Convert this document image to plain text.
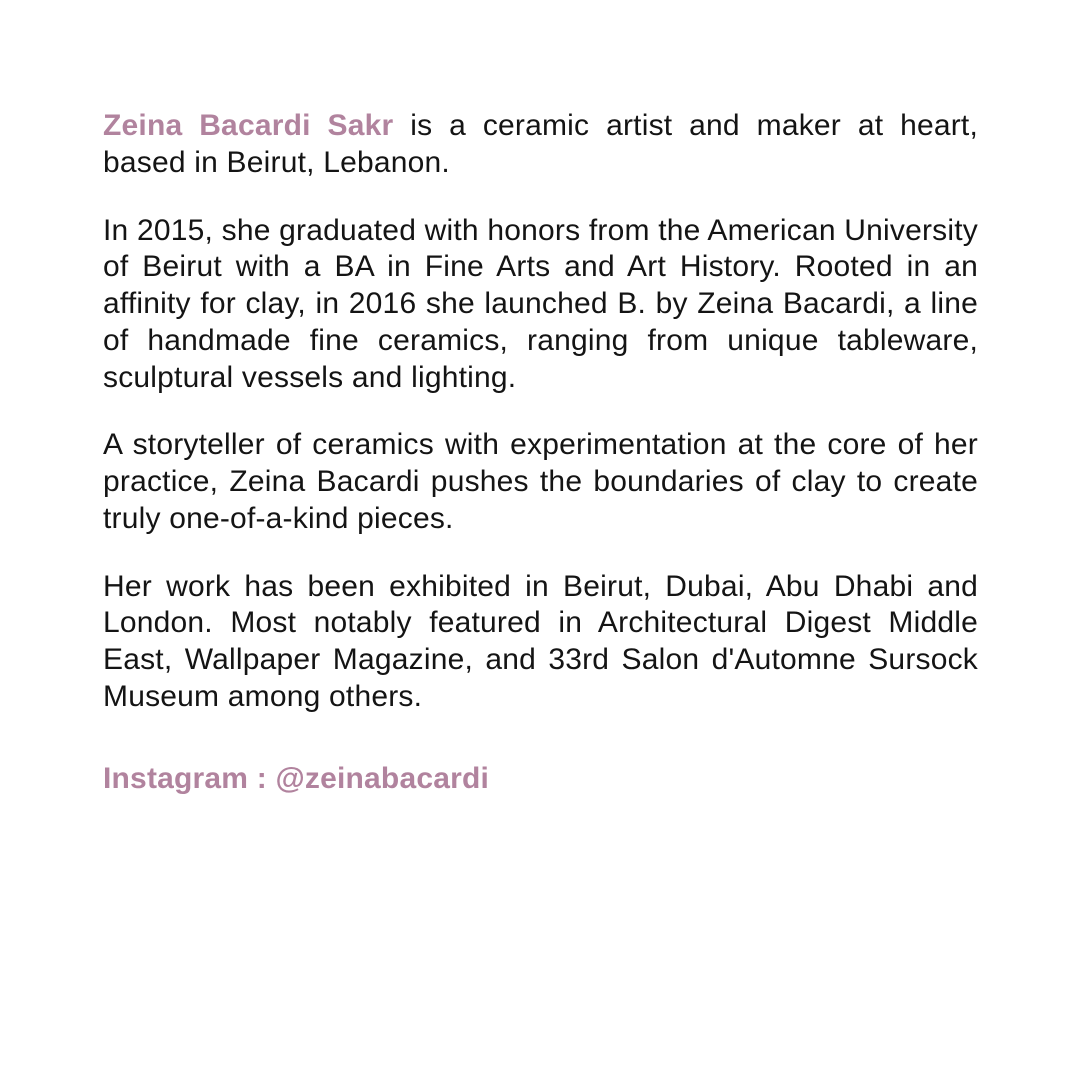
Zeina Bacardi Sakr is a ceramic artist and maker at heart, based in Beirut, Lebanon.

In 2015, she graduated with honors from the American University of Beirut with a BA in Fine Arts and Art History. Rooted in an affinity for clay, in 2016 she launched B. by Zeina Bacardi, a line of handmade fine ceramics, ranging from unique tableware, sculptural vessels and lighting.

A storyteller of ceramics with experimentation at the core of her practice, Zeina Bacardi pushes the boundaries of clay to create truly one-of-a-kind pieces.

Her work has been exhibited in Beirut, Dubai, Abu Dhabi and London. Most notably featured in Architectural Digest Middle East, Wallpaper Magazine, and 33rd Salon d'Automne Sursock Museum among others.

Instagram : @zeinabacardi
